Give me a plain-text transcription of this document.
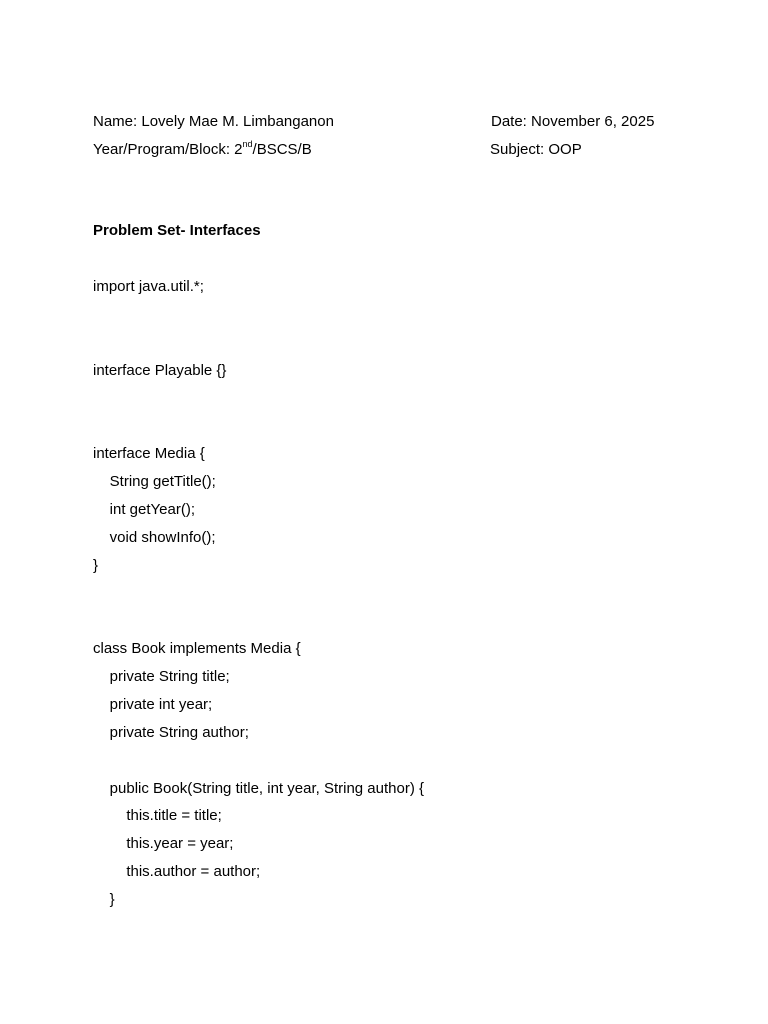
Name: Lovely Mae M. Limbanganon	Date: November 6, 2025
Year/Program/Block: 2nd/BSCS/B	Subject: OOP
Problem Set- Interfaces
import java.util.*;
interface Playable {}
interface Media {
String getTitle();
int getYear();
void showInfo();
}
class Book implements Media {
private String title;
private int year;
private String author;
public Book(String title, int year, String author) {
this.title = title;
this.year = year;
this.author = author;
}
